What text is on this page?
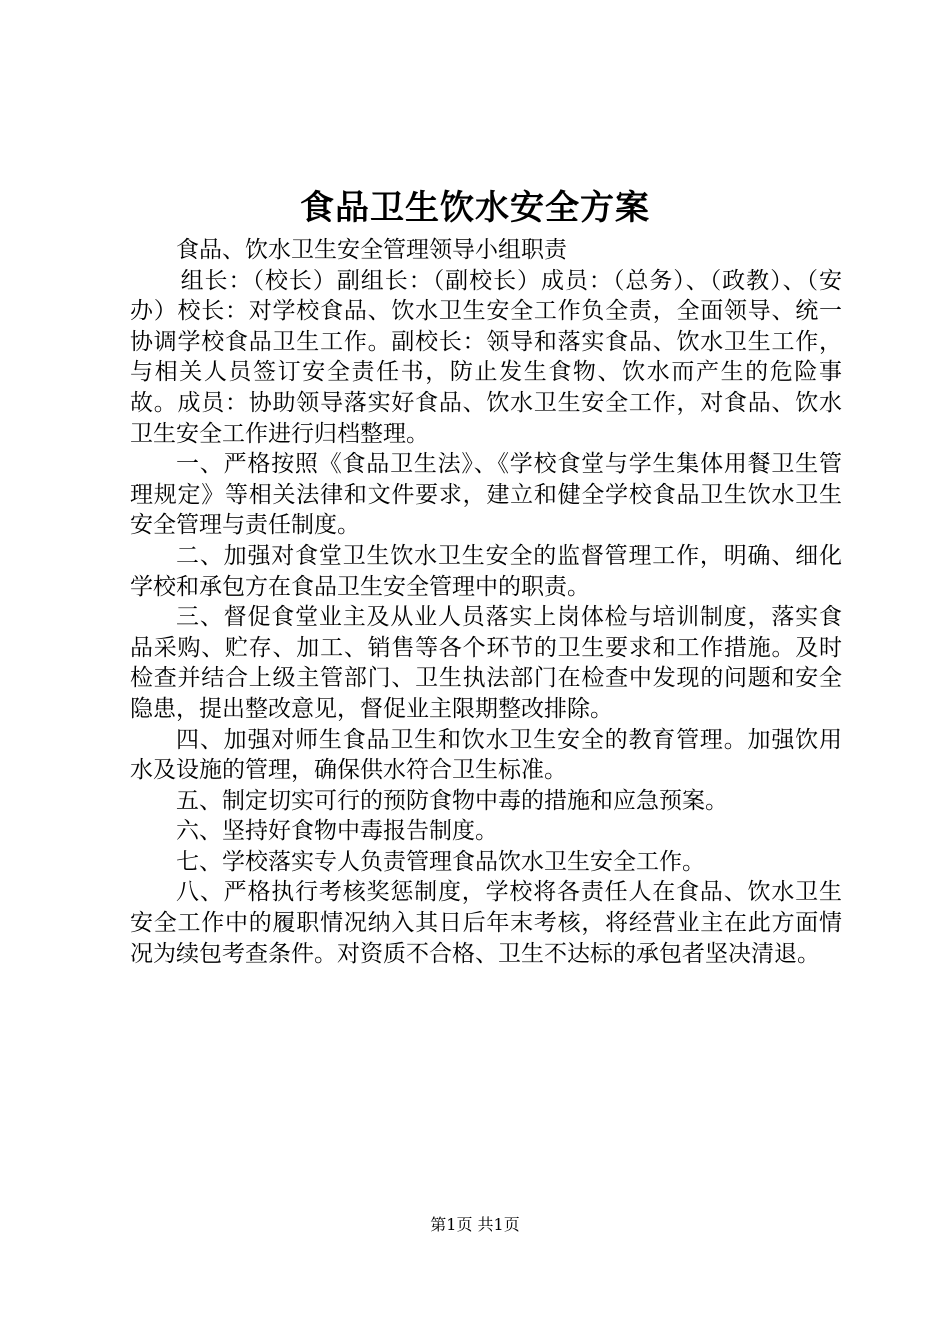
食品卫生饮水安全方案

食品、饮水卫生安全管理领导小组职责

组长：（校长）副组长：（副校长）成员：（总务）、（政教）、（安办）校长：对学校食品、饮水卫生安全工作负全责，全面领导、统一协调学校食品卫生工作。副校长：领导和落实食品、饮水卫生工作，与相关人员签订安全责任书，防止发生食物、饮水而产生的危险事故。成员：协助领导落实好食品、饮水卫生安全工作，对食品、饮水卫生安全工作进行归档整理。

一、严格按照《食品卫生法》、《学校食堂与学生集体用餐卫生管理规定》等相关法律和文件要求，建立和健全学校食品卫生饮水卫生安全管理与责任制度。

二、加强对食堂卫生饮水卫生安全的监督管理工作，明确、细化学校和承包方在食品卫生安全管理中的职责。

三、督促食堂业主及从业人员落实上岗体检与培训制度，落实食品采购、贮存、加工、销售等各个环节的卫生要求和工作措施。及时检查并结合上级主管部门、卫生执法部门在检查中发现的问题和安全隐患，提出整改意见，督促业主限期整改排除。

四、加强对师生食品卫生和饮水卫生安全的教育管理。加强饮用水及设施的管理，确保供水符合卫生标准。

五、制定切实可行的预防食物中毒的措施和应急预案。

六、坚持好食物中毒报告制度。

七、学校落实专人负责管理食品饮水卫生安全工作。

八、严格执行考核奖惩制度，学校将各责任人在食品、饮水卫生安全工作中的履职情况纳入其日后年末考核，将经营业主在此方面情况为续包考查条件。对资质不合格、卫生不达标的承包者坚决清退。

第1页 共1页
